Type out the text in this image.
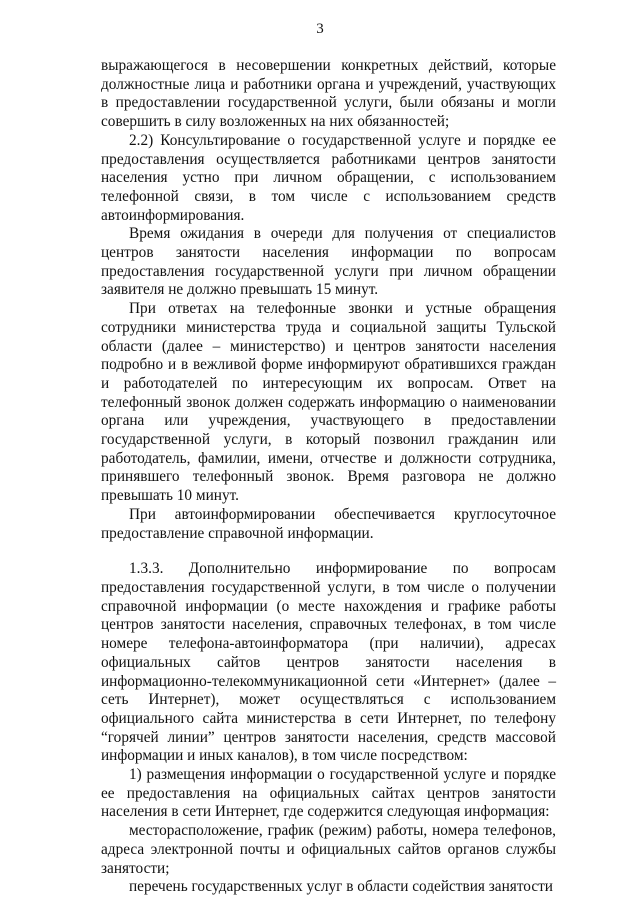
3

выражающегося в несовершении конкретных действий, которые должностные лица и работники органа и учреждений, участвующих в предоставлении государственной услуги, были обязаны и могли совершить в силу возложенных на них обязанностей;

2.2) Консультирование о государственной услуге и порядке ее предоставления осуществляется работниками центров занятости населения устно при личном обращении, с использованием телефонной связи, в том числе с использованием средств автоинформирования.

Время ожидания в очереди для получения от специалистов центров занятости населения информации по вопросам предоставления государственной услуги при личном обращении заявителя не должно превышать 15 минут.

При ответах на телефонные звонки и устные обращения сотрудники министерства труда и социальной защиты Тульской области (далее – министерство) и центров занятости населения подробно и в вежливой форме информируют обратившихся граждан и работодателей по интересующим их вопросам. Ответ на телефонный звонок должен содержать информацию о наименовании органа или учреждения, участвующего в предоставлении государственной услуги, в который позвонил гражданин или работодатель, фамилии, имени, отчестве и должности сотрудника, принявшего телефонный звонок. Время разговора не должно превышать 10 минут.

При автоинформировании обеспечивается круглосуточное предоставление справочной информации.

1.3.3. Дополнительно информирование по вопросам предоставления государственной услуги, в том числе о получении справочной информации (о месте нахождения и графике работы центров занятости населения, справочных телефонах, в том числе номере телефона-автоинформатора (при наличии), адресах официальных сайтов центров занятости населения в информационно-телекоммуникационной сети «Интернет» (далее – сеть Интернет), может осуществляться с использованием официального сайта министерства в сети Интернет, по телефону “горячей линии” центров занятости населения, средств массовой информации и иных каналов), в том числе посредством:

1) размещения информации о государственной услуге и порядке ее предоставления на официальных сайтах центров занятости населения в сети Интернет, где содержится следующая информация:

месторасположение, график (режим) работы, номера телефонов, адреса электронной почты и официальных сайтов органов службы занятости;

перечень государственных услуг в области содействия занятости
